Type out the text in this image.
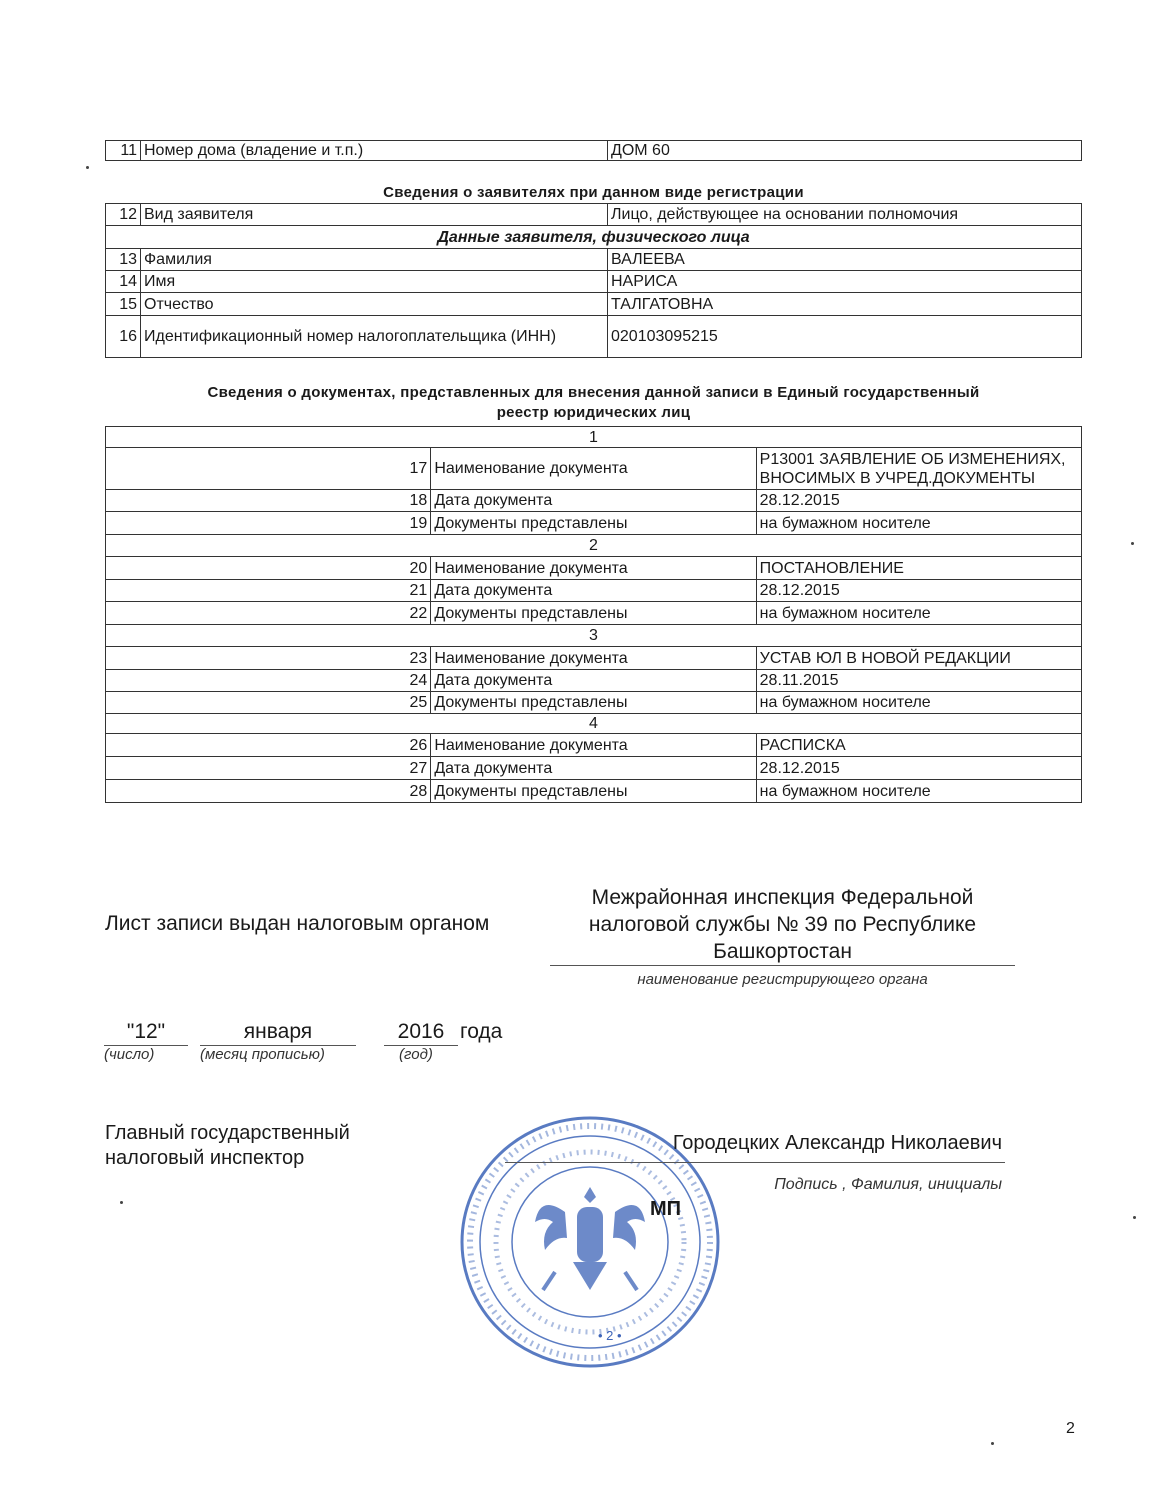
11	Номер дома (владение и т.п.)	ДОМ 60
Сведения о заявителях при данном виде регистрации
12	Вид заявителя	Лицо, действующее на основании полномочия
Данные заявителя, физического лица		
13	Фамилия	ВАЛЕЕВА
14	Имя	НАРИСА
15	Отчество	ТАЛГАТОВНА
16	Идентификационный номер налогоплательщика (ИНН)	020103095215
Сведения о документах, представленных для внесения данной записи в Единый государственный
реестр юридических лиц
1		
17	Наименование документа	Р13001 ЗАЯВЛЕНИЕ ОБ ИЗМЕНЕНИЯХ, ВНОСИМЫХ В УЧРЕД.ДОКУМЕНТЫ
18	Дата документа	28.12.2015
19	Документы представлены	на бумажном носителе
2		
20	Наименование документа	ПОСТАНОВЛЕНИЕ
21	Дата документа	28.12.2015
22	Документы представлены	на бумажном носителе
3		
23	Наименование документа	УСТАВ ЮЛ В НОВОЙ РЕДАКЦИИ
24	Дата документа	28.11.2015
25	Документы представлены	на бумажном носителе
4		
26	Наименование документа	РАСПИСКА
27	Дата документа	28.12.2015
28	Документы представлены	на бумажном носителе
Лист записи выдан налоговым органом
Межрайонная инспекция Федеральной
налоговой службы № 39 по Республике
Башкортостан
наименование регистрирующего органа
"12"	января	2016 года
(число)	(месяц прописью)	(год)
Главный государственный
налоговый инспектор
• 2 •
Городецких Александр Николаевич
Подпись , Фамилия, инициалы
МП
2
